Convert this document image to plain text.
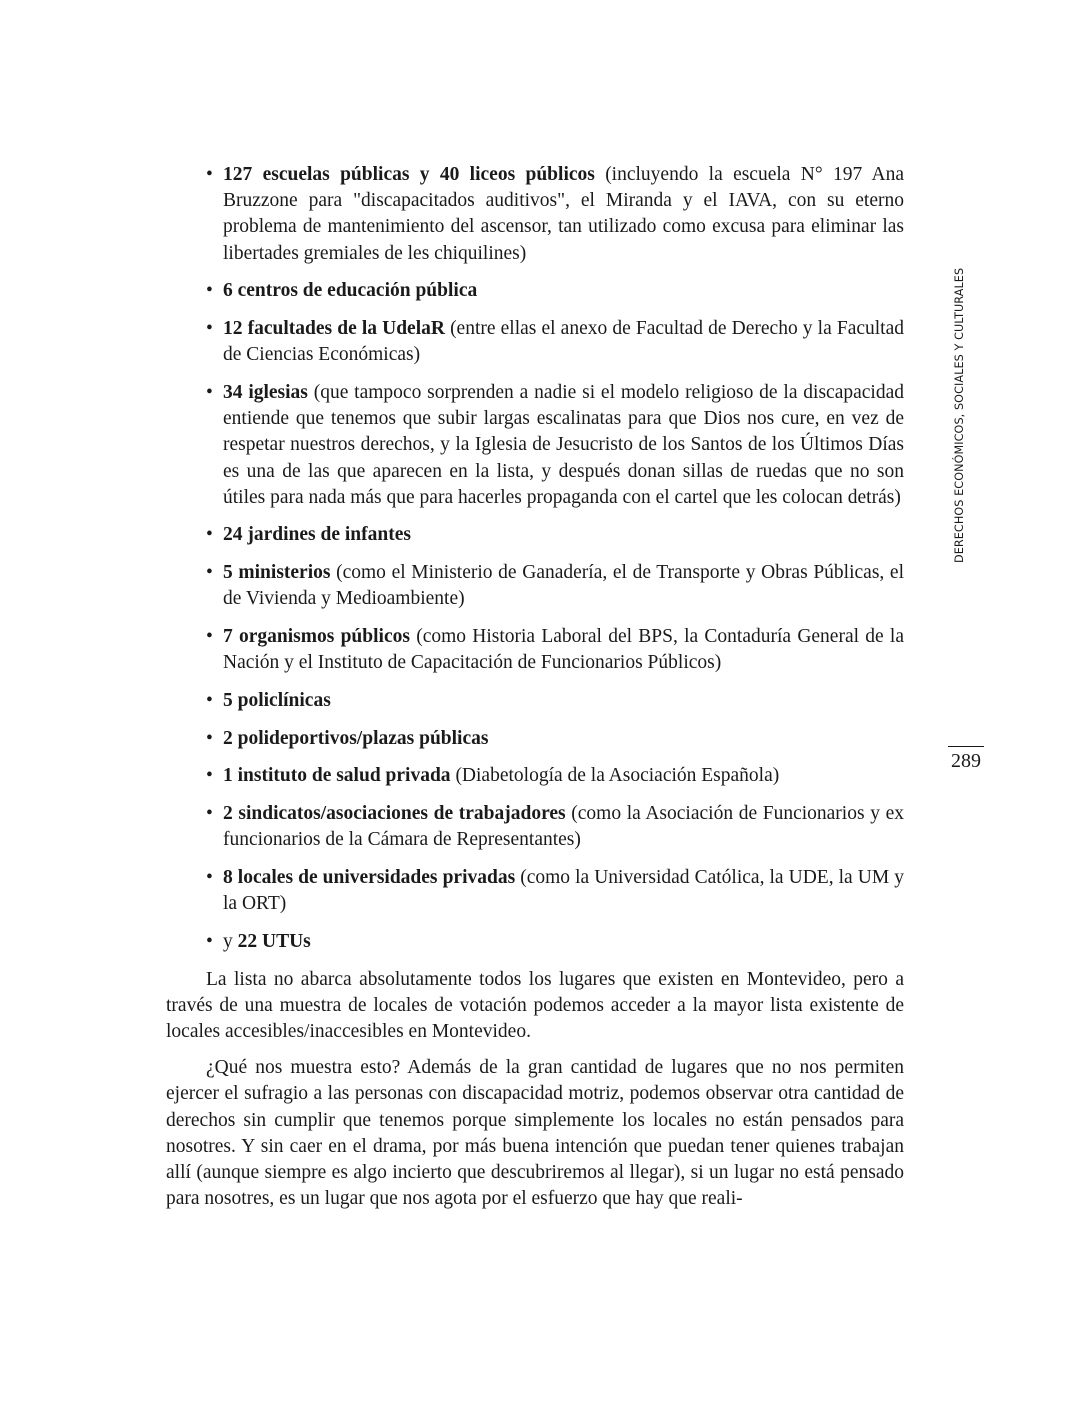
• 127 escuelas públicas y 40 liceos públicos (incluyendo la escuela N° 197 Ana Bruzzone para "discapacitados auditivos", el Miranda y el IAVA, con su eterno problema de mantenimiento del ascensor, tan utilizado como excusa para eliminar las libertades gremiales de les chiquilines)
• 6 centros de educación pública
• 12 facultades de la UdelaR (entre ellas el anexo de Facultad de Derecho y la Facultad de Ciencias Económicas)
• 34 iglesias (que tampoco sorprenden a nadie si el modelo religioso de la discapacidad entiende que tenemos que subir largas escalinatas para que Dios nos cure, en vez de respetar nuestros derechos, y la Iglesia de Jesucristo de los Santos de los Últimos Días es una de las que aparecen en la lista, y después donan sillas de ruedas que no son útiles para nada más que para hacerles propaganda con el cartel que les colocan detrás)
• 24 jardines de infantes
• 5 ministerios (como el Ministerio de Ganadería, el de Transporte y Obras Públicas, el de Vivienda y Medioambiente)
• 7 organismos públicos (como Historia Laboral del BPS, la Contaduría General de la Nación y el Instituto de Capacitación de Funcionarios Públicos)
• 5 policlínicas
• 2 polideportivos/plazas públicas
• 1 instituto de salud privada (Diabetología de la Asociación Española)
• 2 sindicatos/asociaciones de trabajadores (como la Asociación de Funcionarios y ex funcionarios de la Cámara de Representantes)
• 8 locales de universidades privadas (como la Universidad Católica, la UDE, la UM y la ORT)
• y 22 UTUs

La lista no abarca absolutamente todos los lugares que existen en Montevideo, pero a través de una muestra de locales de votación podemos acceder a la mayor lista existente de locales accesibles/inaccesibles en Montevideo.

¿Qué nos muestra esto? Además de la gran cantidad de lugares que no nos permiten ejercer el sufragio a las personas con discapacidad motriz, podemos observar otra cantidad de derechos sin cumplir que tenemos porque simplemente los locales no están pensados para nosotres. Y sin caer en el drama, por más buena intención que puedan tener quienes trabajan allí (aunque siempre es algo incierto que descubriremos al llegar), si un lugar no está pensado para nosotres, es un lugar que nos agota por el esfuerzo que hay que reali-

DERECHOS ECONÓMICOS, SOCIALES Y CULTURALES
289
